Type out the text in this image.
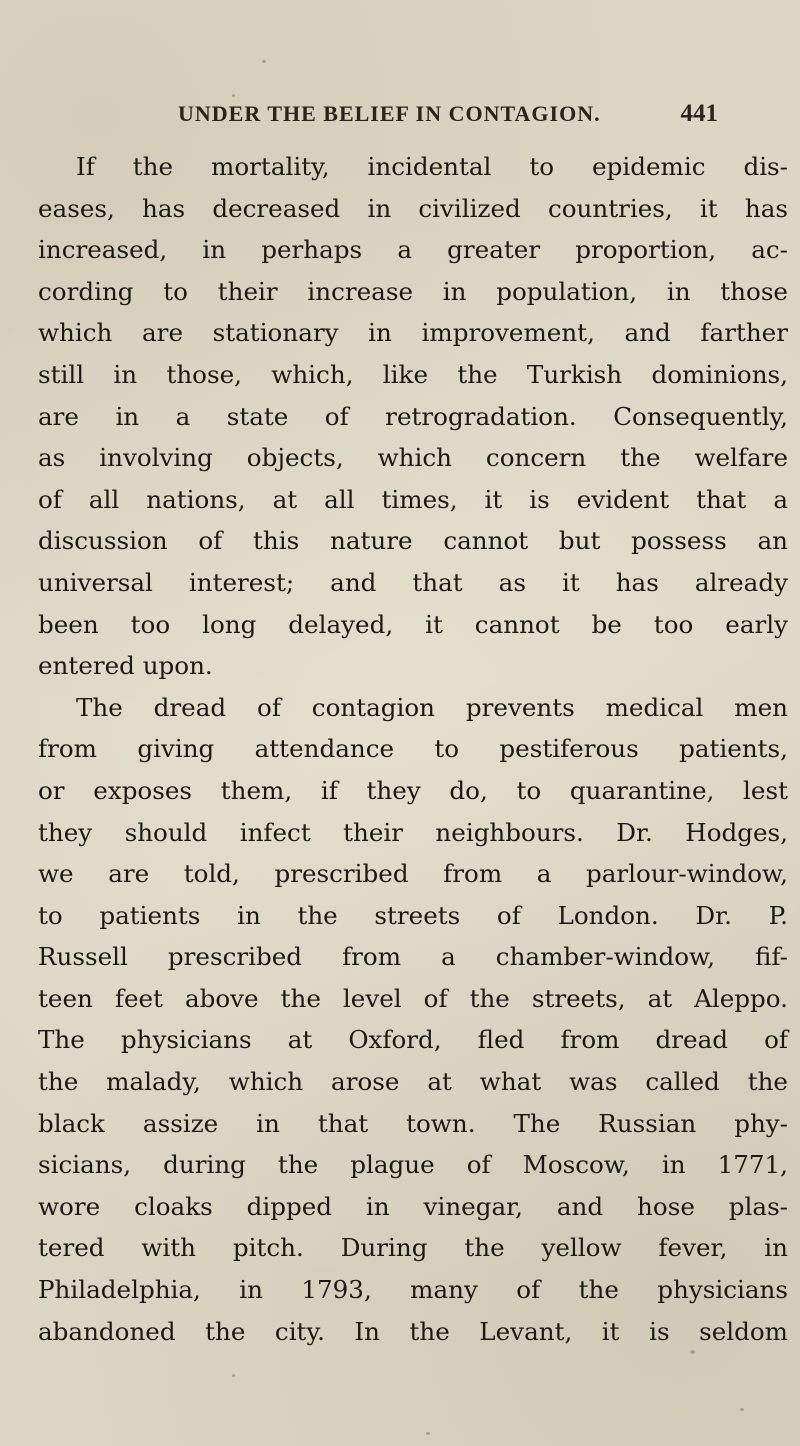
UNDER THE BELIEF IN CONTAGION.	441
If the mortality, incidental to epidemic dis-
eases, has decreased in civilized countries, it has
increased, in perhaps a greater proportion, ac-
cording to their increase in population, in those
which are stationary in improvement, and farther
still in those, which, like the Turkish dominions,
are in a state of retrogradation. Consequently,
as involving objects, which concern the welfare
of all nations, at all times, it is evident that a
discussion of this nature cannot but possess an
universal interest; and that as it has already
been too long delayed, it cannot be too early
entered upon.
The dread of contagion prevents medical men
from giving attendance to pestiferous patients,
or exposes them, if they do, to quarantine, lest
they should infect their neighbours. Dr. Hodges,
we are told, prescribed from a parlour-window,
to patients in the streets of London. Dr. P.
Russell prescribed from a chamber-window, fif-
teen feet above the level of the streets, at Aleppo.
The physicians at Oxford, fled from dread of
the malady, which arose at what was called the
black assize in that town. The Russian phy-
sicians, during the plague of Moscow, in 1771,
wore cloaks dipped in vinegar, and hose plas-
tered with pitch. During the yellow fever, in
Philadelphia, in 1793, many of the physicians
abandoned the city. In the Levant, it is seldom
